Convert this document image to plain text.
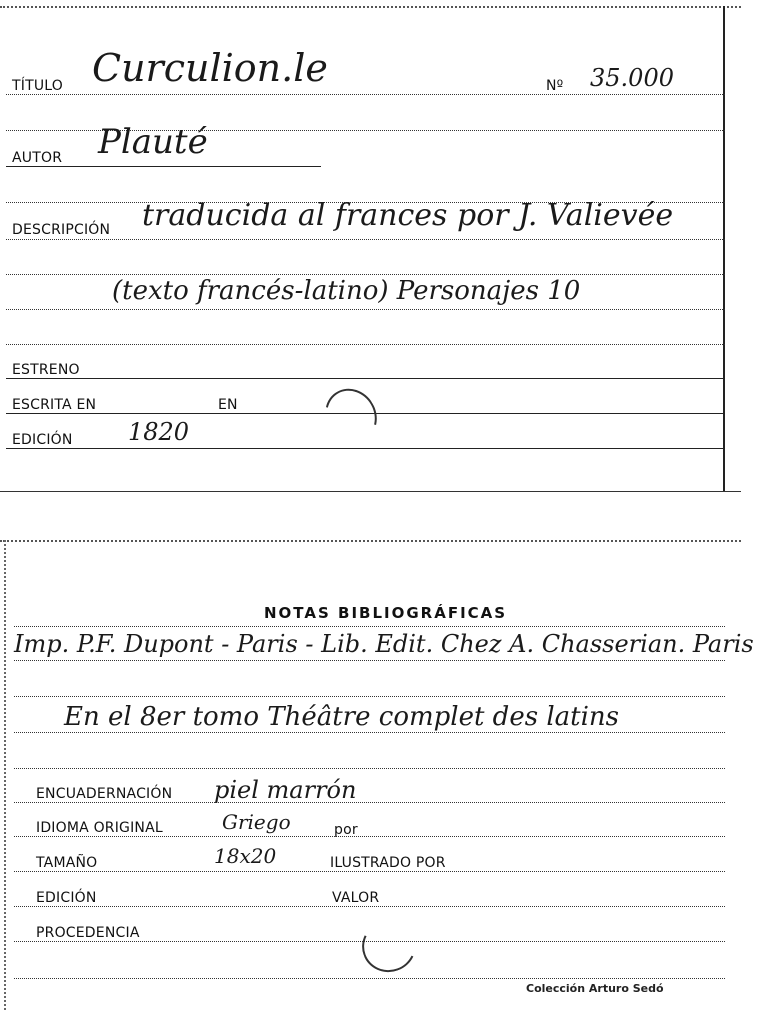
TÍTULO Curculion.le	Nº 35.000
AUTOR Plauté
DESCRIPCIÓN traducida al frances por J. Valievée
(texto francés-latino) Personajes 10
ESTRENO
ESCRITA EN	EN
EDICIÓN 1820
NOTAS BIBLIOGRÁFICAS
Imp. P.F. Dupont - Paris - Lib. Edit. Chez A. Chasserian. Paris
En el 8er tomo Théâtre complet des latins
ENCUADERNACIÓN piel marrón
IDIOMA ORIGINAL	Griego	por
TAMAÑO	18x20	ILUSTRADO POR
EDICIÓN	VALOR
PROCEDENCIA
Colección Arturo Sedó
